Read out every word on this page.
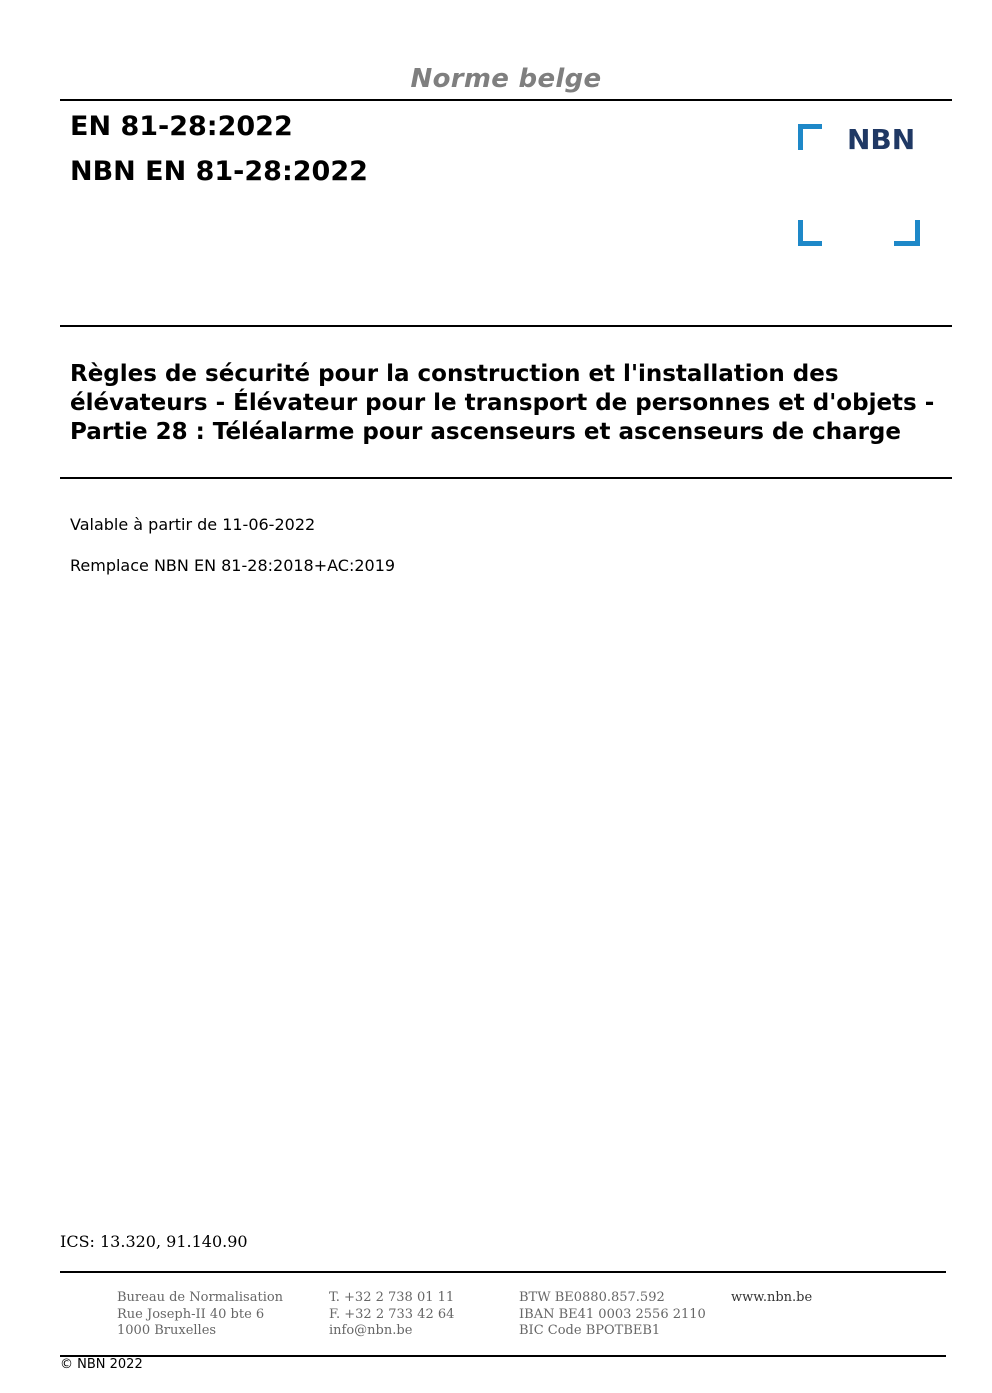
Norme belge
EN 81-28:2022
NBN EN 81-28:2022
NBN
Règles de sécurité pour la construction et l'installation des
élévateurs - Élévateur pour le transport de personnes et d'objets -
Partie 28 : Téléalarme pour ascenseurs et ascenseurs de charge
Valable à partir de 11-06-2022
Remplace NBN EN 81-28:2018+AC:2019
ICS: 13.320, 91.140.90
Bureau de Normalisation
Rue Joseph-II 40 bte 6
1000 Bruxelles
T. +32 2 738 01 11
F. +32 2 733 42 64
info@nbn.be
BTW BE0880.857.592
IBAN BE41 0003 2556 2110
BIC Code BPOTBEB1
www.nbn.be
© NBN 2022
